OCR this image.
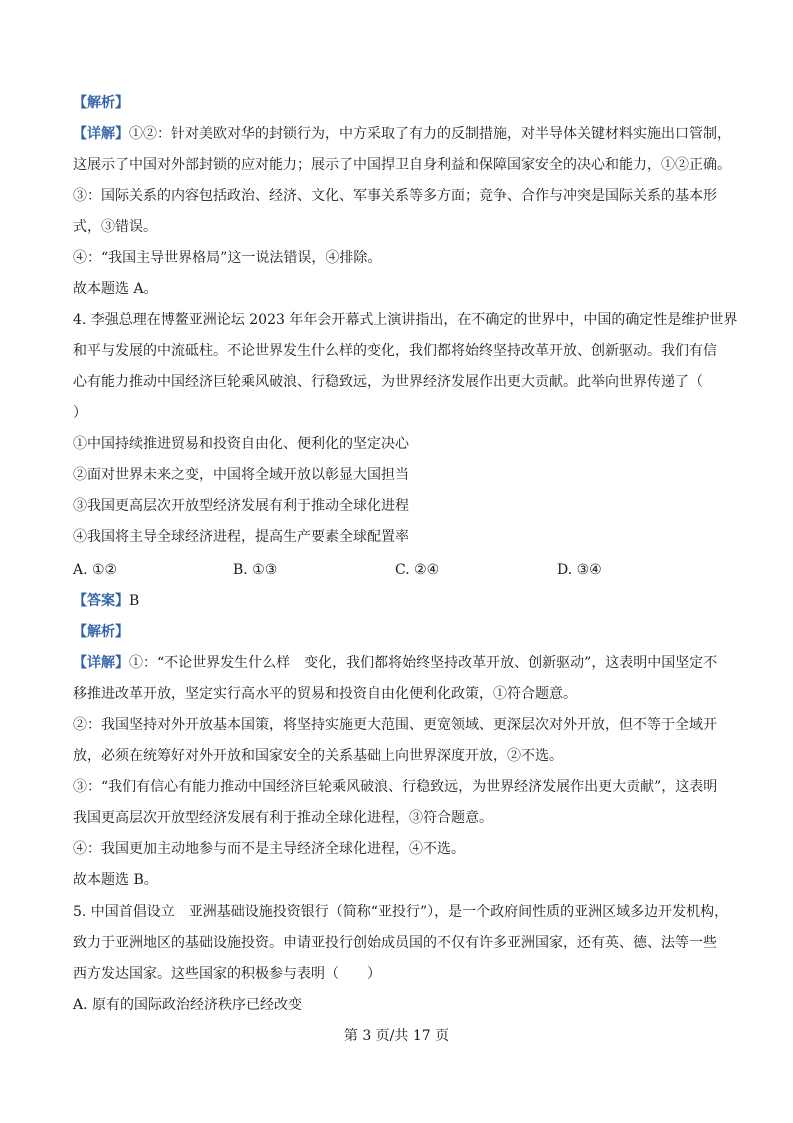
【解析】
【详解】①②：针对美欧对华的封锁行为，中方采取了有力的反制措施，对半导体关键材料实施出口管制，
这展示了中国对外部封锁的应对能力；展示了中国捍卫自身利益和保障国家安全的决心和能力，①②正确。
③：国际关系的内容包括政治、经济、文化、军事关系等多方面；竞争、合作与冲突是国际关系的基本形
式，③错误。
④：“我国主导世界格局”这一说法错误，④排除。
故本题选 A。
4. 李强总理在博鳌亚洲论坛 2023 年年会开幕式上演讲指出，在不确定的世界中，中国的确定性是维护世界
和平与发展的中流砥柱。不论世界发生什么样的变化，我们都将始终坚持改革开放、创新驱动。我们有信
心有能力推动中国经济巨轮乘风破浪、行稳致远，为世界经济发展作出更大贡献。此举向世界传递了（
）
①中国持续推进贸易和投资自由化、便利化的坚定决心
②面对世界未来之变，中国将全域开放以彰显大国担当
③我国更高层次开放型经济发展有利于推动全球化进程
④我国将主导全球经济进程，提高生产要素全球配置率
A. ①②	B. ①③	C. ②④	D. ③④
【答案】B
【解析】
【详解】①：“不论世界发生什么样　变化，我们都将始终坚持改革开放、创新驱动”，这表明中国坚定不
移推进改革开放，坚定实行高水平的贸易和投资自由化便利化政策，①符合题意。
②：我国坚持对外开放基本国策，将坚持实施更大范围、更宽领域、更深层次对外开放，但不等于全域开
放，必须在统筹好对外开放和国家安全的关系基础上向世界深度开放，②不选。
③：“我们有信心有能力推动中国经济巨轮乘风破浪、行稳致远，为世界经济发展作出更大贡献”，这表明
我国更高层次开放型经济发展有利于推动全球化进程，③符合题意。
④：我国更加主动地参与而不是主导经济全球化进程，④不选。
故本题选 B。
5. 中国首倡设立　亚洲基础设施投资银行（简称“亚投行”），是一个政府间性质的亚洲区域多边开发机构，
致力于亚洲地区的基础设施投资。申请亚投行创始成员国的不仅有许多亚洲国家，还有英、德、法等一些
西方发达国家。这些国家的积极参与表明（　　）
A. 原有的国际政治经济秩序已经改变
第 3 页/共 17 页
